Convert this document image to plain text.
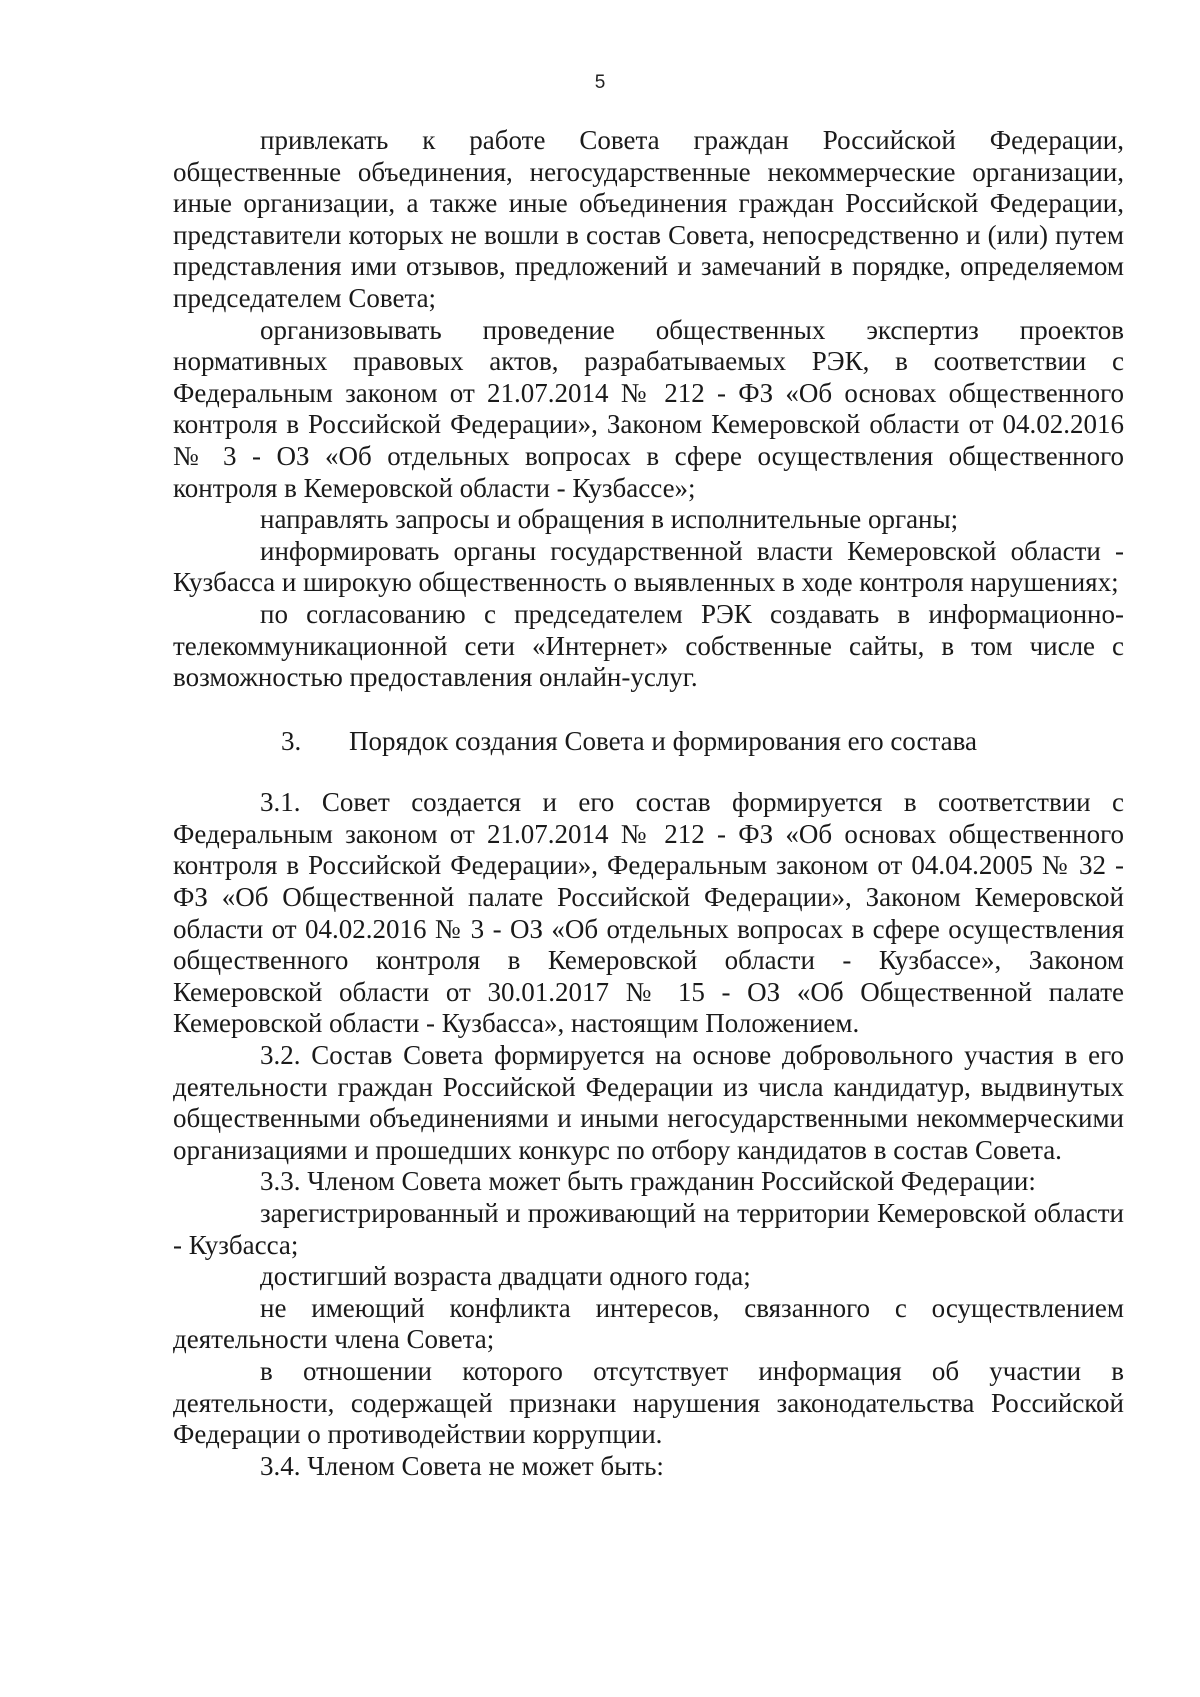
5

привлекать к работе Совета граждан Российской Федерации, общественные объединения, негосударственные некоммерческие организации, иные организации, а также иные объединения граждан Российской Федерации, представители которых не вошли в состав Совета, непосредственно и (или) путем представления ими отзывов, предложений и замечаний в порядке, определяемом председателем Совета;

организовывать проведение общественных экспертиз проектов нормативных правовых актов, разрабатываемых РЭК, в соответствии с Федеральным законом от 21.07.2014 № 212 - ФЗ «Об основах общественного контроля в Российской Федерации», Законом Кемеровской области от 04.02.2016 № 3 - ОЗ «Об отдельных вопросах в сфере осуществления общественного контроля в Кемеровской области - Кузбассе»;

направлять запросы и обращения в исполнительные органы;

информировать органы государственной власти Кемеровской области - Кузбасса и широкую общественность о выявленных в ходе контроля нарушениях;

по согласованию с председателем РЭК создавать в информационно-телекоммуникационной сети «Интернет» собственные сайты, в том числе с возможностью предоставления онлайн-услуг.

3.	Порядок создания Совета и формирования его состава

3.1. Совет создается и его состав формируется в соответствии с Федеральным законом от 21.07.2014 № 212 - ФЗ «Об основах общественного контроля в Российской Федерации», Федеральным законом от 04.04.2005 № 32 - ФЗ «Об Общественной палате Российской Федерации», Законом Кемеровской области от 04.02.2016 № 3 - ОЗ «Об отдельных вопросах в сфере осуществления общественного контроля в Кемеровской области - Кузбассе», Законом Кемеровской области от 30.01.2017 № 15 - ОЗ «Об Общественной палате Кемеровской области - Кузбасса», настоящим Положением.

3.2. Состав Совета формируется на основе добровольного участия в его деятельности граждан Российской Федерации из числа кандидатур, выдвинутых общественными объединениями и иными негосударственными некоммерческими организациями и прошедших конкурс по отбору кандидатов в состав Совета.

3.3. Членом Совета может быть гражданин Российской Федерации:

зарегистрированный и проживающий на территории Кемеровской области - Кузбасса;

достигший возраста двадцати одного года;

не имеющий конфликта интересов, связанного с осуществлением деятельности члена Совета;

в отношении которого отсутствует информация об участии в деятельности, содержащей признаки нарушения законодательства Российской Федерации о противодействии коррупции.

3.4. Членом Совета не может быть:
